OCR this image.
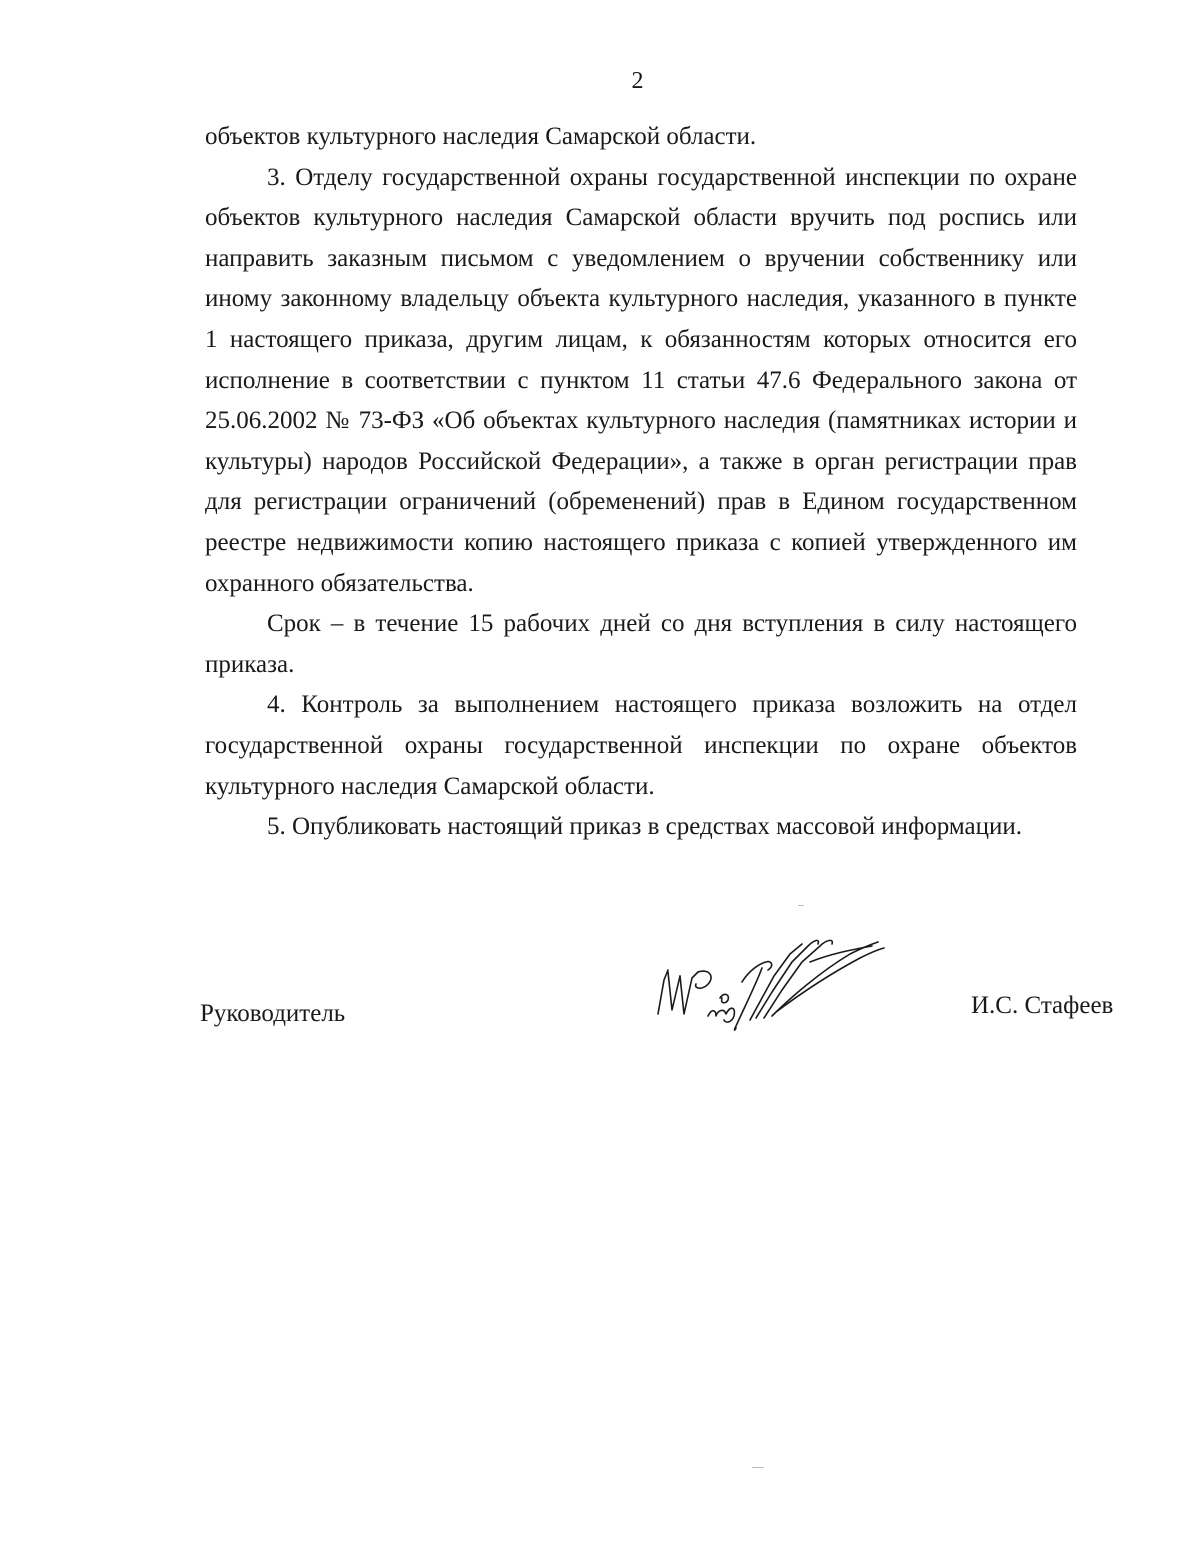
2

объектов культурного наследия Самарской области.

3. Отделу государственной охраны государственной инспекции по охране объектов культурного наследия Самарской области вручить под роспись или направить заказным письмом с уведомлением о вручении собственнику или иному законному владельцу объекта культурного наследия, указанного в пункте 1 настоящего приказа, другим лицам, к обязанностям которых относится его исполнение в соответствии с пунктом 11 статьи 47.6 Федерального закона от 25.06.2002 № 73-ФЗ «Об объектах культурного наследия (памятниках истории и культуры) народов Российской Федерации», а также в орган регистрации прав для регистрации ограничений (обременений) прав в Едином государственном реестре недвижимости копию настоящего приказа с копией утвержденного им охранного обязательства.

Срок – в течение 15 рабочих дней со дня вступления в силу настоящего приказа.

4. Контроль за выполнением настоящего приказа возложить на отдел государственной охраны государственной инспекции по охране объектов культурного наследия Самарской области.

5. Опубликовать настоящий приказ в средствах массовой информации.

Руководитель	И.С. Стафеев
